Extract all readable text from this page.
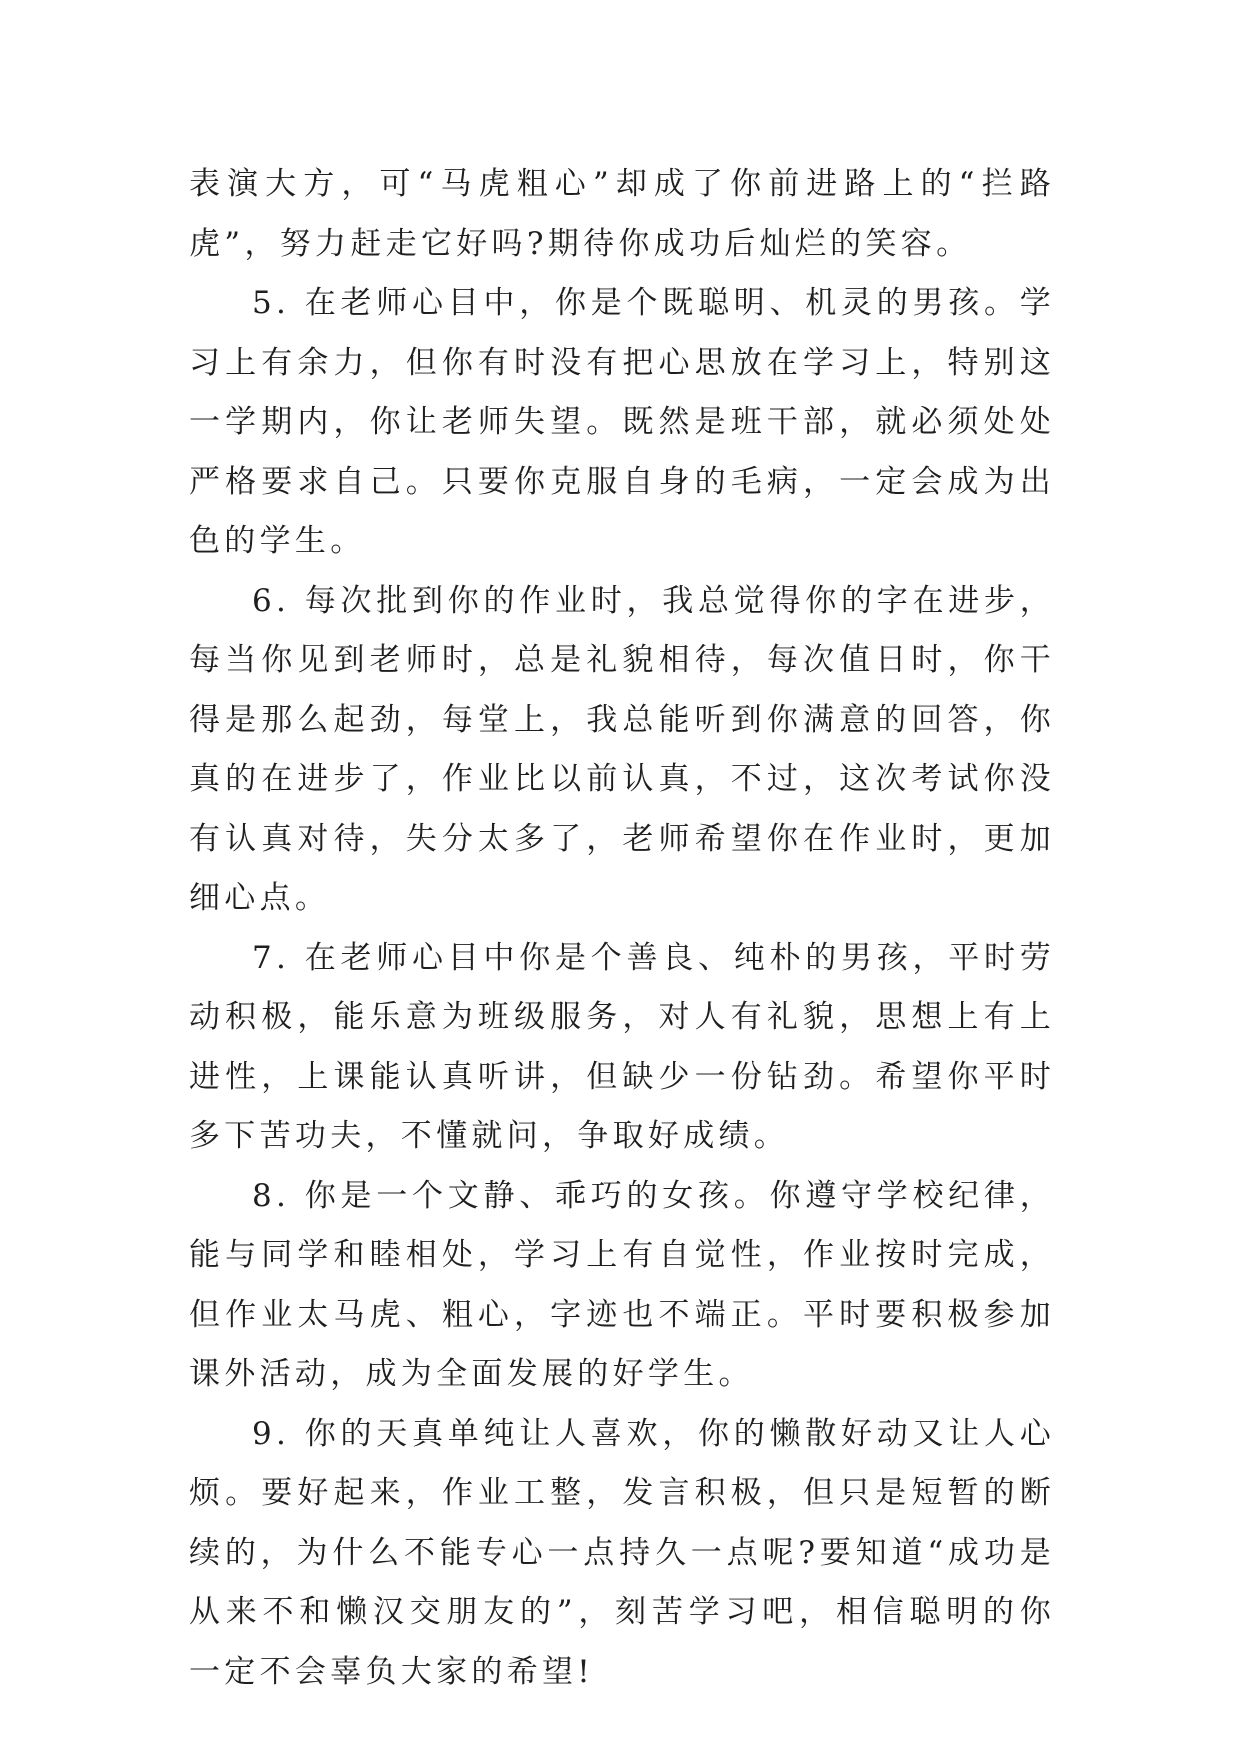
表演大方，可“马虎粗心”却成了你前进路上的“拦路虎”，努力赶走它好吗?期待你成功后灿烂的笑容。

5. 在老师心目中，你是个既聪明、机灵的男孩。学习上有余力，但你有时没有把心思放在学习上，特别这一学期内，你让老师失望。既然是班干部，就必须处处严格要求自己。只要你克服自身的毛病，一定会成为出色的学生。

6. 每次批到你的作业时，我总觉得你的字在进步，每当你见到老师时，总是礼貌相待，每次值日时，你干得是那么起劲，每堂上，我总能听到你满意的回答，你真的在进步了，作业比以前认真，不过，这次考试你没有认真对待，失分太多了，老师希望你在作业时，更加细心点。

7. 在老师心目中你是个善良、纯朴的男孩，平时劳动积极，能乐意为班级服务，对人有礼貌，思想上有上进性，上课能认真听讲，但缺少一份钻劲。希望你平时多下苦功夫，不懂就问，争取好成绩。

8. 你是一个文静、乖巧的女孩。你遵守学校纪律，能与同学和睦相处，学习上有自觉性，作业按时完成，但作业太马虎、粗心，字迹也不端正。平时要积极参加课外活动，成为全面发展的好学生。

9. 你的天真单纯让人喜欢，你的懒散好动又让人心烦。要好起来，作业工整，发言积极，但只是短暂的断续的，为什么不能专心一点持久一点呢?要知道“成功是从来不和懒汉交朋友的”，刻苦学习吧，相信聪明的你一定不会辜负大家的希望!
